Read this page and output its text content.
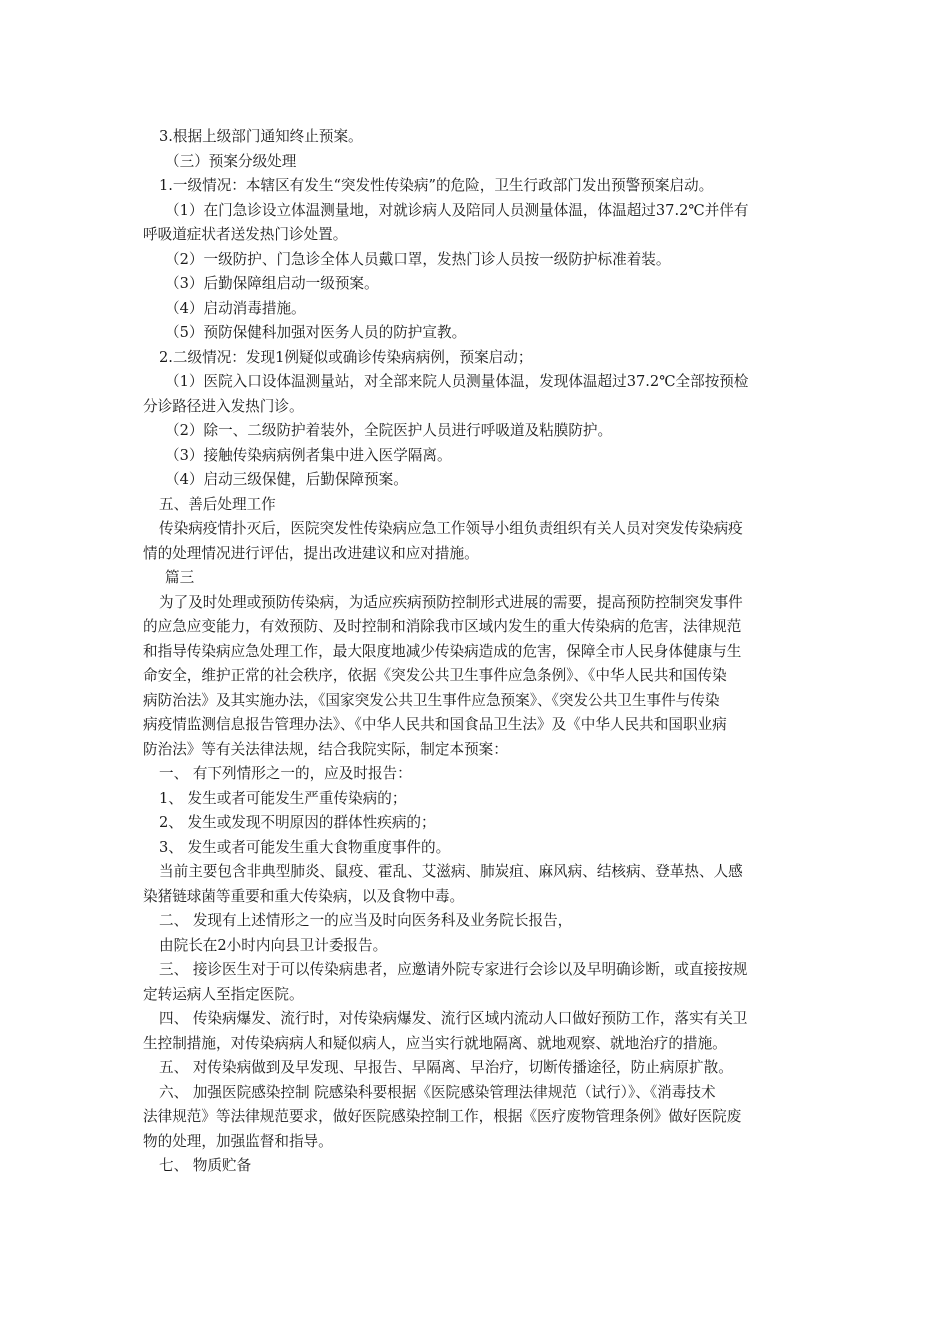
3.根据上级部门通知终止预案。
（三）预案分级处理
1.一级情况：本辖区有发生“突发性传染病”的危险，卫生行政部门发出预警预案启动。
（1）在门急诊设立体温测量地，对就诊病人及陪同人员测量体温，体温超过37.2℃并伴有
呼吸道症状者送发热门诊处置。
（2）一级防护、门急诊全体人员戴口罩，发热门诊人员按一级防护标准着装。
（3）后勤保障组启动一级预案。
（4）启动消毒措施。
（5）预防保健科加强对医务人员的防护宣教。
2.二级情况：发现1例疑似或确诊传染病病例，预案启动；
（1）医院入口设体温测量站，对全部来院人员测量体温，发现体温超过37.2℃全部按预检
分诊路径进入发热门诊。
（2）除一、二级防护着装外，全院医护人员进行呼吸道及粘膜防护。
（3）接触传染病病例者集中进入医学隔离。
（4）启动三级保健，后勤保障预案。
五、善后处理工作
传染病疫情扑灭后，医院突发性传染病应急工作领导小组负责组织有关人员对突发传染病疫
情的处理情况进行评估，提出改进建议和应对措施。
篇三
为了及时处理或预防传染病，为适应疾病预防控制形式进展的需要，提高预防控制突发事件
的应急应变能力，有效预防、及时控制和消除我市区域内发生的重大传染病的危害，法律规范
和指导传染病应急处理工作，最大限度地减少传染病造成的危害，保障全市人民身体健康与生
命安全，维护正常的社会秩序，依据《突发公共卫生事件应急条例》、《中华人民共和国传染
病防治法》及其实施办法，《国家突发公共卫生事件应急预案》、《突发公共卫生事件与传染
病疫情监测信息报告管理办法》、《中华人民共和国食品卫生法》及《中华人民共和国职业病
防治法》等有关法律法规，结合我院实际，制定本预案：
一、 有下列情形之一的，应及时报告：
1、 发生或者可能发生严重传染病的；
2、 发生或发现不明原因的群体性疾病的；
3、 发生或者可能发生重大食物重度事件的。
当前主要包含非典型肺炎、鼠疫、霍乱、艾滋病、肺炭疽、麻风病、结核病、登革热、人感
染猪链球菌等重要和重大传染病，以及食物中毒。
二、 发现有上述情形之一的应当及时向医务科及业务院长报告，
由院长在2小时内向县卫计委报告。
三、 接诊医生对于可以传染病患者，应邀请外院专家进行会诊以及早明确诊断，或直接按规
定转运病人至指定医院。
四、 传染病爆发、流行时，对传染病爆发、流行区域内流动人口做好预防工作，落实有关卫
生控制措施，对传染病病人和疑似病人，应当实行就地隔离、就地观察、就地治疗的措施。
五、 对传染病做到及早发现、早报告、早隔离、早治疗，切断传播途径，防止病原扩散。
六、 加强医院感染控制 院感染科要根据《医院感染管理法律规范（试行）》、《消毒技术
法律规范》等法律规范要求，做好医院感染控制工作，根据《医疗废物管理条例》做好医院废
物的处理，加强监督和指导。
七、 物质贮备
